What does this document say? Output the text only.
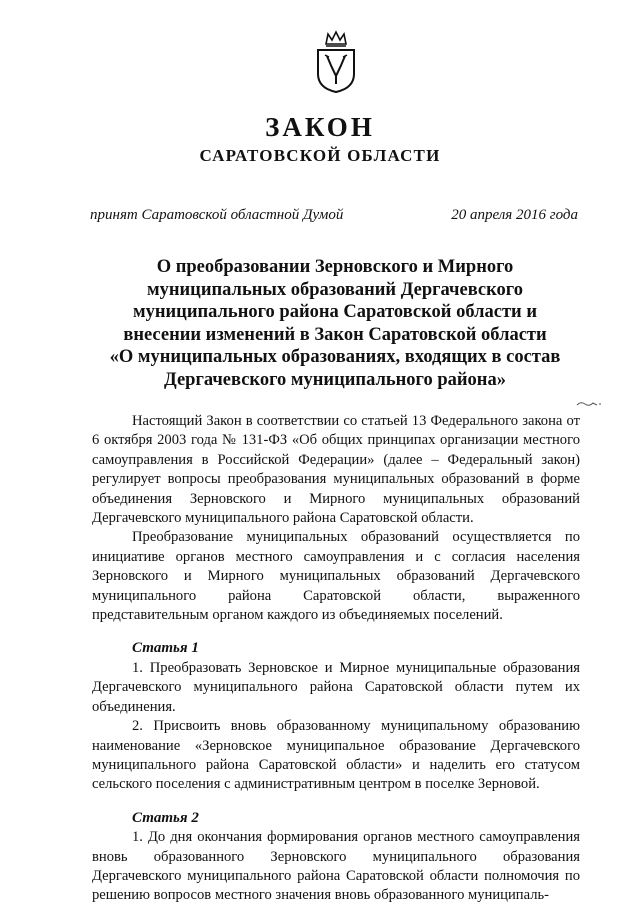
ЗАКОН
САРАТОВСКОЙ ОБЛАСТИ
принят Саратовской областной Думой	20 апреля 2016 года
О преобразовании Зерновского и Мирного
муниципальных образований Дергачевского
муниципального района Саратовской области и
внесении изменений в Закон Саратовской области
«О муниципальных образованиях, входящих в состав
Дергачевского муниципального района»

Настоящий Закон в соответствии со статьей 13 Федерального закона от 6 октября 2003 года № 131-ФЗ «Об общих принципах организации местного самоуправления в Российской Федерации» (далее – Федеральный закон) регулирует вопросы преобразования муниципальных образований в форме объединения Зерновского и Мирного муниципальных образований Дергачевского муниципального района Саратовской области.

Преобразование муниципальных образований осуществляется по инициативе органов местного самоуправления и с согласия населения Зерновского и Мирного муниципальных образований Дергачевского муниципального района Саратовской области, выраженного представительным органом каждого из объединяемых поселений.

Статья 1

1. Преобразовать Зерновское и Мирное муниципальные образования Дергачевского муниципального района Саратовской области путем их объединения.

2. Присвоить вновь образованному муниципальному образованию наименование «Зерновское муниципальное образование Дергачевского муниципального района Саратовской области» и наделить его статусом сельского поселения с административным центром в поселке Зерновой.

Статья 2

1. До дня окончания формирования органов местного самоуправления вновь образованного Зерновского муниципального образования Дергачевского муниципального района Саратовской области полномочия по решению вопросов местного значения вновь образованного муниципаль-
